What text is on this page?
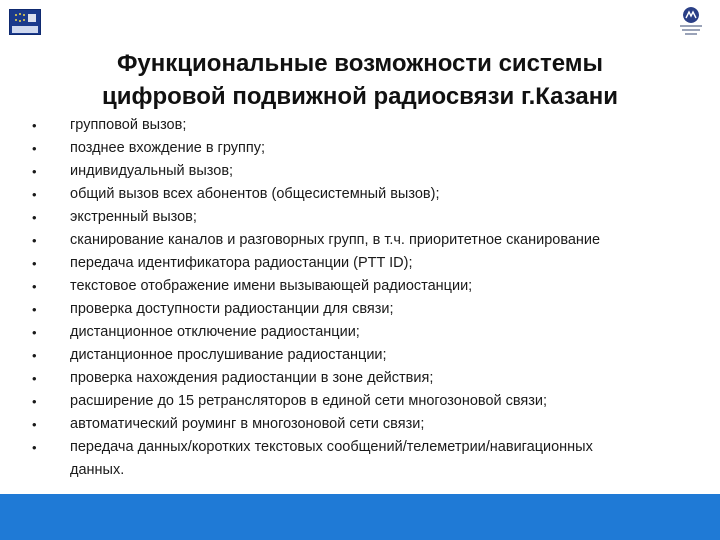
Функциональные возможности системы
цифровой подвижной радиосвязи г.Казани
•	групповой вызов;
•	позднее вхождение в группу;
•	индивидуальный вызов;
•	общий вызов всех абонентов (общесистемный вызов);
•	экстренный вызов;
•	сканирование каналов и разговорных групп, в т.ч. приоритетное сканирование
•	передача идентификатора радиостанции (PTT ID);
•	текстовое отображение имени вызывающей радиостанции;
•	проверка доступности радиостанции для связи;
•	дистанционное отключение радиостанции;
•	дистанционное прослушивание радиостанции;
•	проверка нахождения радиостанции в зоне действия;
•	расширение до 15 ретрансляторов в единой сети многозоновой связи;
•	автоматический роуминг в многозоновой сети связи;
•	передача данных/коротких текстовых сообщений/телеметрии/навигационных
данных.
